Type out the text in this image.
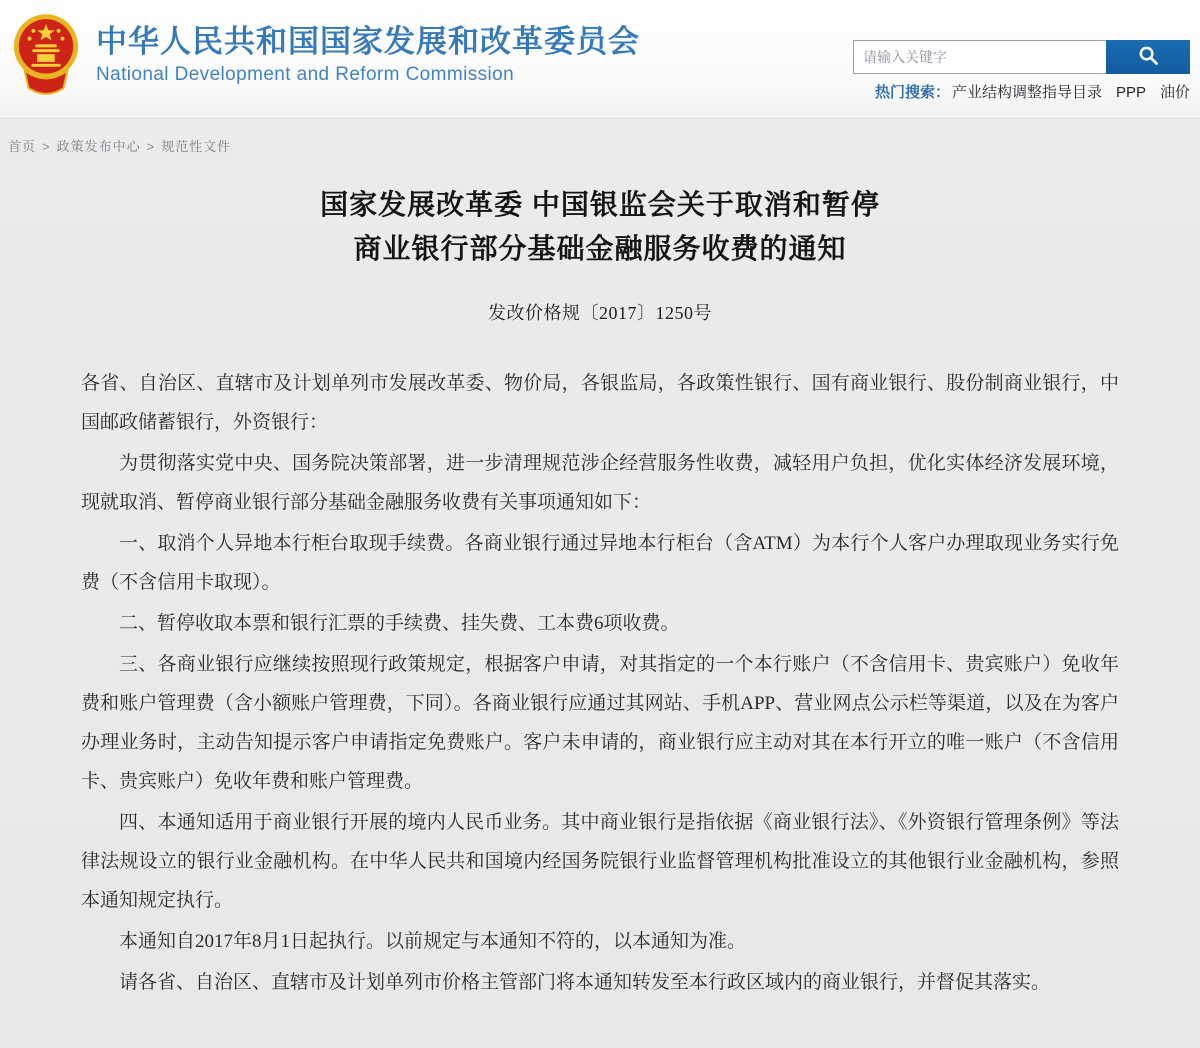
中华人民共和国国家发展和改革委员会
National Development and Reform Commission
请输入关键字
热门搜索： 产业结构调整指导目录 PPP 油价
首页 > 政策发布中心 > 规范性文件
国家发展改革委 中国银监会关于取消和暂停
商业银行部分基础金融服务收费的通知
发改价格规〔2017〕1250号

各省、自治区、直辖市及计划单列市发展改革委、物价局，各银监局，各政策性银行、国有商业银行、股份制商业银行，中国邮政储蓄银行，外资银行：

为贯彻落实党中央、国务院决策部署，进一步清理规范涉企经营服务性收费，减轻用户负担，优化实体经济发展环境，现就取消、暂停商业银行部分基础金融服务收费有关事项通知如下：

一、取消个人异地本行柜台取现手续费。各商业银行通过异地本行柜台（含ATM）为本行个人客户办理取现业务实行免费（不含信用卡取现）。

二、暂停收取本票和银行汇票的手续费、挂失费、工本费6项收费。

三、各商业银行应继续按照现行政策规定，根据客户申请，对其指定的一个本行账户（不含信用卡、贵宾账户）免收年费和账户管理费（含小额账户管理费，下同）。各商业银行应通过其网站、手机APP、营业网点公示栏等渠道，以及在为客户办理业务时，主动告知提示客户申请指定免费账户。客户未申请的，商业银行应主动对其在本行开立的唯一账户（不含信用卡、贵宾账户）免收年费和账户管理费。

四、本通知适用于商业银行开展的境内人民币业务。其中商业银行是指依据《商业银行法》、《外资银行管理条例》等法律法规设立的银行业金融机构。在中华人民共和国境内经国务院银行业监督管理机构批准设立的其他银行业金融机构，参照本通知规定执行。

本通知自2017年8月1日起执行。以前规定与本通知不符的，以本通知为准。

请各省、自治区、直辖市及计划单列市价格主管部门将本通知转发至本行政区域内的商业银行，并督促其落实。
